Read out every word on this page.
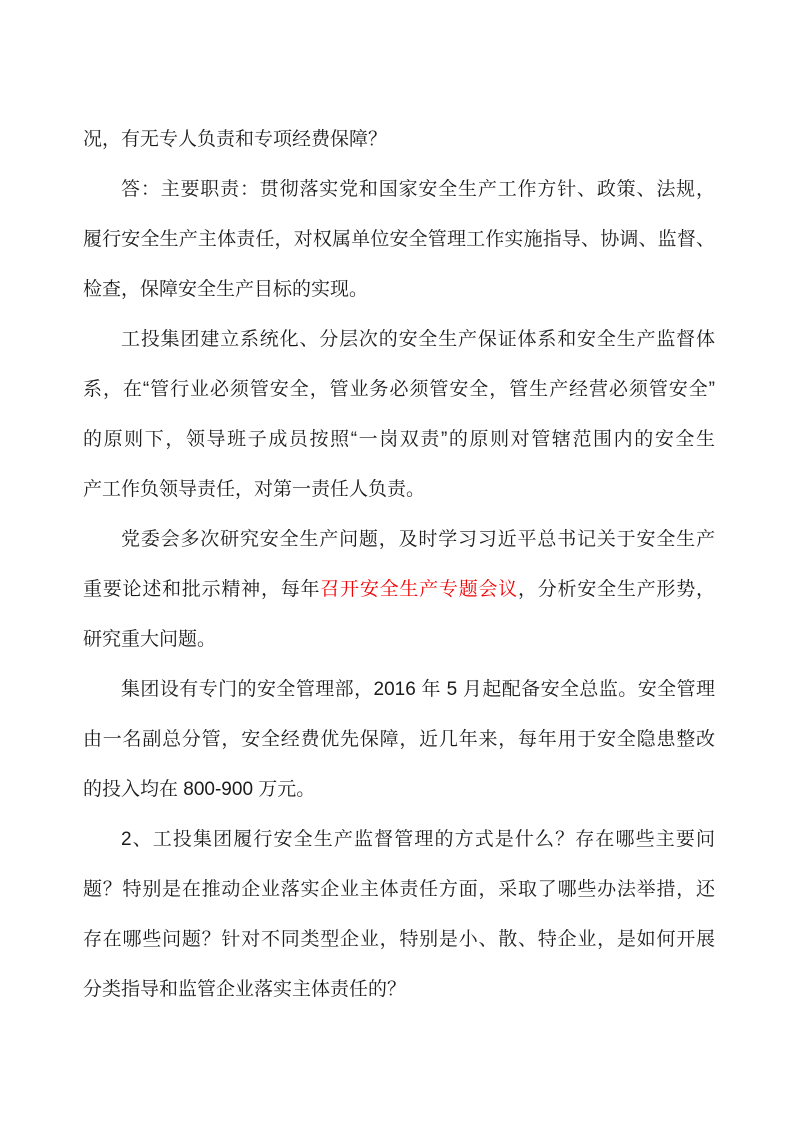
况，有无专人负责和专项经费保障？
答：主要职责：贯彻落实党和国家安全生产工作方针、政策、法规，
履行安全生产主体责任，对权属单位安全管理工作实施指导、协调、监督、
检查，保障安全生产目标的实现。
工投集团建立系统化、分层次的安全生产保证体系和安全生产监督体
系，在“管行业必须管安全，管业务必须管安全，管生产经营必须管安全”
的原则下，领导班子成员按照“一岗双责”的原则对管辖范围内的安全生
产工作负领导责任，对第一责任人负责。
党委会多次研究安全生产问题，及时学习习近平总书记关于安全生产
重要论述和批示精神，每年召开安全生产专题会议，分析安全生产形势，
研究重大问题。
集团设有专门的安全管理部，2016 年 5 月起配备安全总监。安全管理
由一名副总分管，安全经费优先保障，近几年来，每年用于安全隐患整改
的投入均在 800-900 万元。
2、工投集团履行安全生产监督管理的方式是什么？存在哪些主要问
题？特别是在推动企业落实企业主体责任方面，采取了哪些办法举措，还
存在哪些问题？针对不同类型企业，特别是小、散、特企业，是如何开展
分类指导和监管企业落实主体责任的？
